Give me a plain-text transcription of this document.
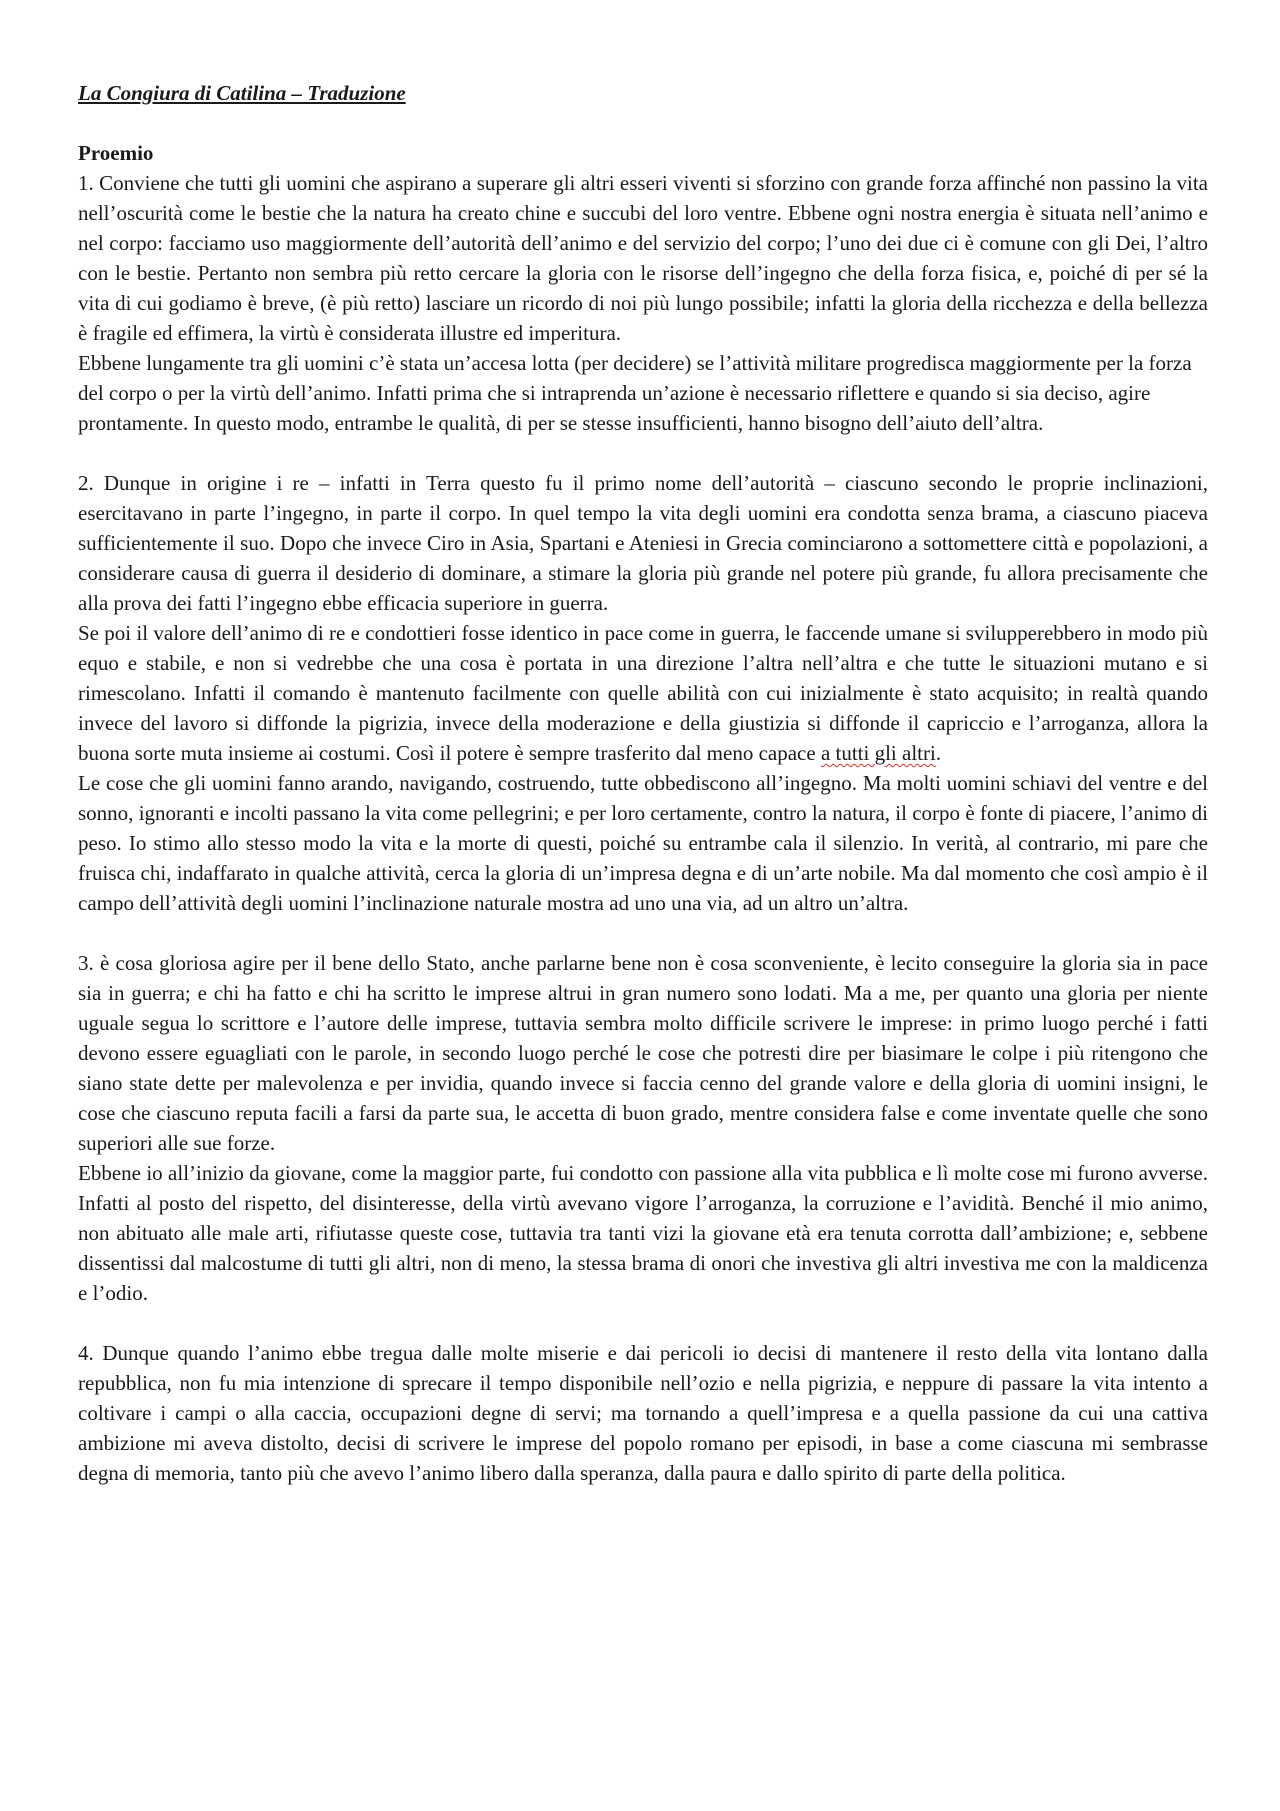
La Congiura di Catilina – Traduzione

Proemio

1. Conviene che tutti gli uomini che aspirano a superare gli altri esseri viventi si sforzino con grande forza affinché non passino la vita nell’oscurità come le bestie che la natura ha creato chine e succubi del loro ventre. Ebbene ogni nostra energia è situata nell’animo e nel corpo: facciamo uso maggiormente dell’autorità dell’animo e del servizio del corpo; l’uno dei due ci è comune con gli Dei, l’altro con le bestie. Pertanto non sembra più retto cercare la gloria con le risorse dell’ingegno che della forza fisica, e, poiché di per sé la vita di cui godiamo è breve, (è più retto) lasciare un ricordo di noi più lungo possibile; infatti la gloria della ricchezza e della bellezza è fragile ed effimera, la virtù è considerata illustre ed imperitura.

Ebbene lungamente tra gli uomini c’è stata un’accesa lotta (per decidere) se l’attività militare progredisca maggiormente per la forza del corpo o per la virtù dell’animo. Infatti prima che si intraprenda un’azione è necessario riflettere e quando si sia deciso, agire prontamente. In questo modo, entrambe le qualità, di per se stesse insufficienti, hanno bisogno dell’aiuto dell’altra.

2. Dunque in origine i re – infatti in Terra questo fu il primo nome dell’autorità – ciascuno secondo le proprie inclinazioni, esercitavano in parte l’ingegno, in parte il corpo. In quel tempo la vita degli uomini era condotta senza brama, a ciascuno piaceva sufficientemente il suo. Dopo che invece Ciro in Asia, Spartani e Ateniesi in Grecia cominciarono a sottomettere città e popolazioni, a considerare causa di guerra il desiderio di dominare, a stimare la gloria più grande nel potere più grande, fu allora precisamente che alla prova dei fatti l’ingegno ebbe efficacia superiore in guerra.

Se poi il valore dell’animo di re e condottieri fosse identico in pace come in guerra, le faccende umane si svilupperebbero in modo più equo e stabile, e non si vedrebbe che una cosa è portata in una direzione l’altra nell’altra e che tutte le situazioni mutano e si rimescolano. Infatti il comando è mantenuto facilmente con quelle abilità con cui inizialmente è stato acquisito; in realtà quando invece del lavoro si diffonde la pigrizia, invece della moderazione e della giustizia si diffonde il capriccio e l’arroganza, allora la buona sorte muta insieme ai costumi. Così il potere è sempre trasferito dal meno capace a tutti gli altri.

Le cose che gli uomini fanno arando, navigando, costruendo, tutte obbediscono all’ingegno. Ma molti uomini schiavi del ventre e del sonno, ignoranti e incolti passano la vita come pellegrini; e per loro certamente, contro la natura, il corpo è fonte di piacere, l’animo di peso. Io stimo allo stesso modo la vita e la morte di questi, poiché su entrambe cala il silenzio. In verità, al contrario, mi pare che fruisca chi, indaffarato in qualche attività, cerca la gloria di un’impresa degna e di un’arte nobile. Ma dal momento che così ampio è il campo dell’attività degli uomini l’inclinazione naturale mostra ad uno una via, ad un altro un’altra.

3. è cosa gloriosa agire per il bene dello Stato, anche parlarne bene non è cosa sconveniente, è lecito conseguire la gloria sia in pace sia in guerra; e chi ha fatto e chi ha scritto le imprese altrui in gran numero sono lodati. Ma a me, per quanto una gloria per niente uguale segua lo scrittore e l’autore delle imprese, tuttavia sembra molto difficile scrivere le imprese: in primo luogo perché i fatti devono essere eguagliati con le parole, in secondo luogo perché le cose che potresti dire per biasimare le colpe i più ritengono che siano state dette per malevolenza e per invidia, quando invece si faccia cenno del grande valore e della gloria di uomini insigni, le cose che ciascuno reputa facili a farsi da parte sua, le accetta di buon grado, mentre considera false e come inventate quelle che sono superiori alle sue forze.

Ebbene io all’inizio da giovane, come la maggior parte, fui condotto con passione alla vita pubblica e lì molte cose mi furono avverse. Infatti al posto del rispetto, del disinteresse, della virtù avevano vigore l’arroganza, la corruzione e l’avidità. Benché il mio animo, non abituato alle male arti, rifiutasse queste cose, tuttavia tra tanti vizi la giovane età era tenuta corrotta dall’ambizione; e, sebbene dissentissi dal malcostume di tutti gli altri, non di meno, la stessa brama di onori che investiva gli altri investiva me con la maldicenza e l’odio.

4. Dunque quando l’animo ebbe tregua dalle molte miserie e dai pericoli io decisi di mantenere il resto della vita lontano dalla repubblica, non fu mia intenzione di sprecare il tempo disponibile nell’ozio e nella pigrizia, e neppure di passare la vita intento a coltivare i campi o alla caccia, occupazioni degne di servi; ma tornando a quell’impresa e a quella passione da cui una cattiva ambizione mi aveva distolto, decisi di scrivere le imprese del popolo romano per episodi, in base a come ciascuna mi sembrasse degna di memoria, tanto più che avevo l’animo libero dalla speranza, dalla paura e dallo spirito di parte della politica.
